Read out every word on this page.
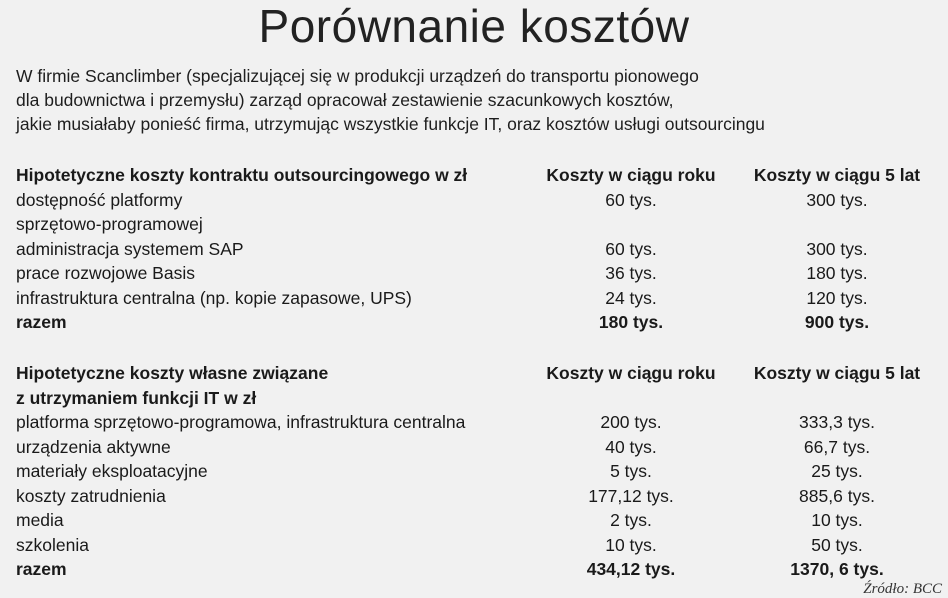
Porównanie kosztów
W firmie Scanclimber (specjalizującej się w produkcji urządzeń do transportu pionowego
dla budownictwa i przemysłu) zarząd opracował zestawienie szacunkowych kosztów,
jakie musiałaby ponieść firma, utrzymując wszystkie funkcje IT, oraz kosztów usługi outsourcingu
Hipotetyczne koszty kontraktu outsourcingowego w zł	Koszty w ciągu roku	Koszty w ciągu 5 lat
dostępność platformy	60 tys.	300 tys.
sprzętowo-programowej
administracja systemem SAP	60 tys.	300 tys.
prace rozwojowe Basis	36 tys.	180 tys.
infrastruktura centralna (np. kopie zapasowe, UPS)	24 tys.	120 tys.
razem	180 tys.	900 tys.
Hipotetyczne koszty własne związane	Koszty w ciągu roku	Koszty w ciągu 5 lat
z utrzymaniem funkcji IT w zł
platforma sprzętowo-programowa, infrastruktura centralna	200 tys.	333,3 tys.
urządzenia aktywne	40 tys.	66,7 tys.
materiały eksploatacyjne	5 tys.	25 tys.
koszty zatrudnienia	177,12 tys.	885,6 tys.
media	2 tys.	10 tys.
szkolenia	10 tys.	50 tys.
razem	434,12 tys.	1370, 6 tys.
Źródło: BCC
